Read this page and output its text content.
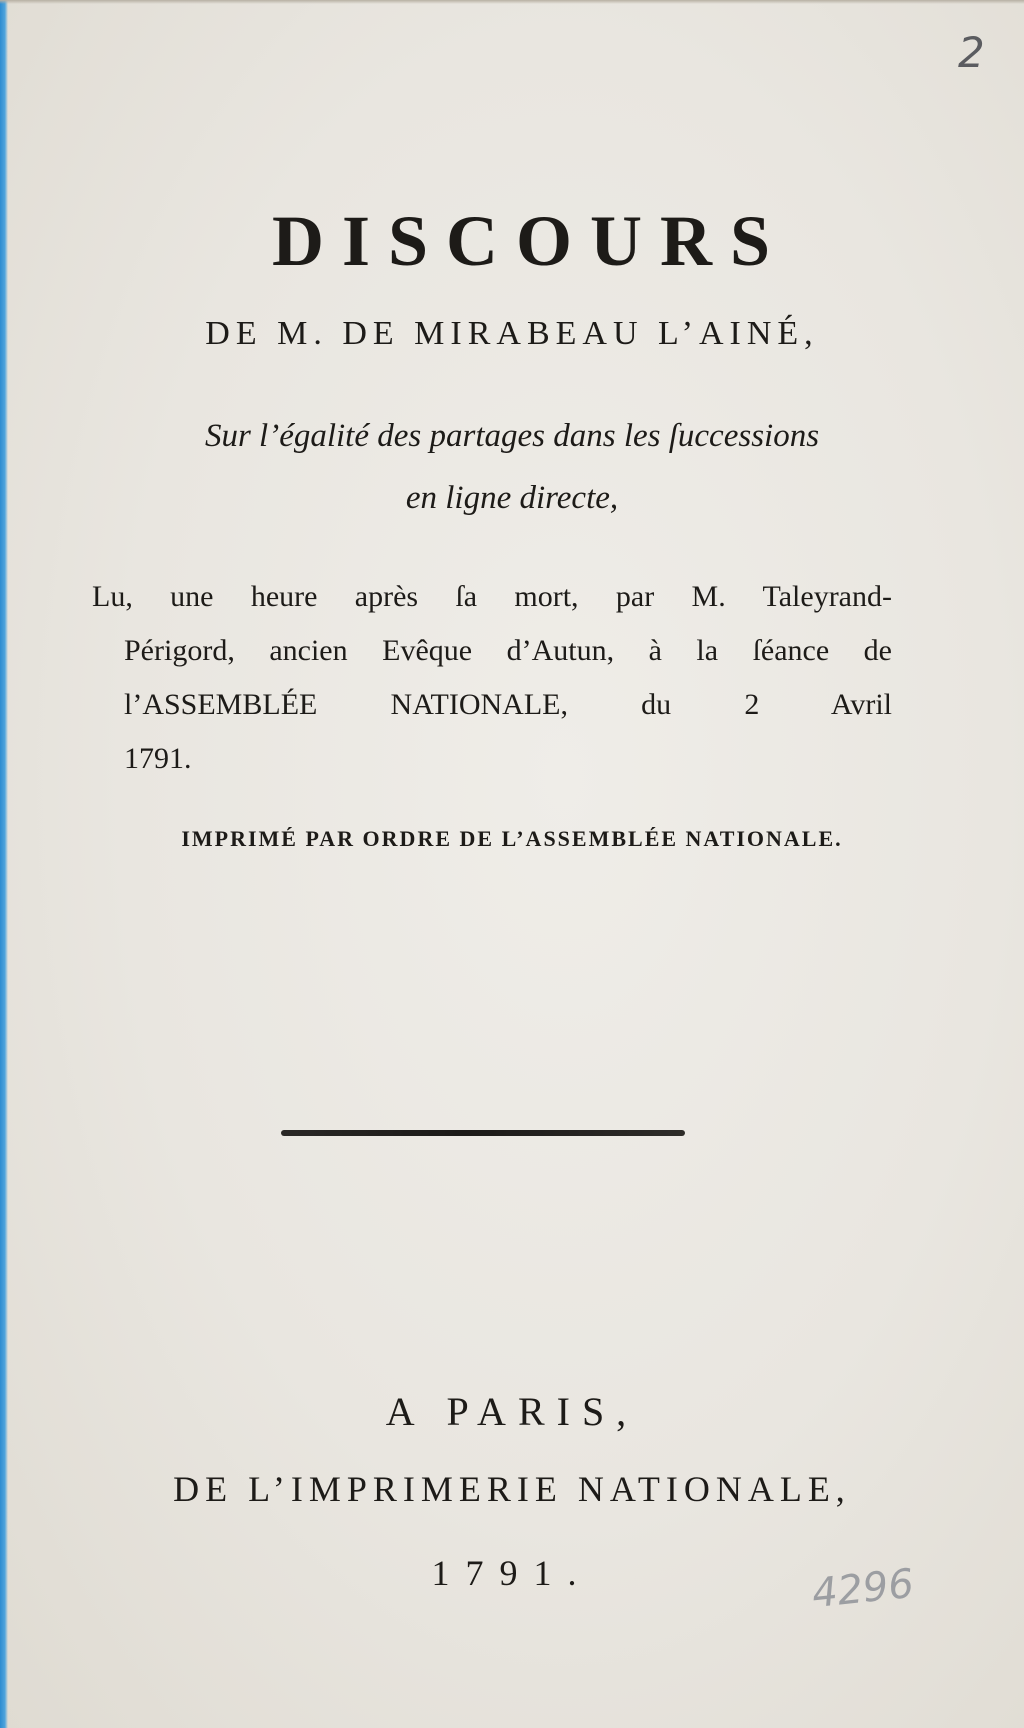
2

DISCOURS

DE M. DE MIRABEAU L’AINÉ,

Sur l’égalité des partages dans les ſuccessions
en ligne directe,
Lu, une heure après ſa mort, par M. Taleyrand-
Périgord, ancien Evêque d’Autun, à la ſéance de
l’ASSEMBLÉE NATIONALE, du 2 Avril
1791.

IMPRIMÉ PAR ORDRE DE L’ASSEMBLÉE NATIONALE.

A PARIS,

DE L’IMPRIMERIE NATIONALE,

1791.	4296
